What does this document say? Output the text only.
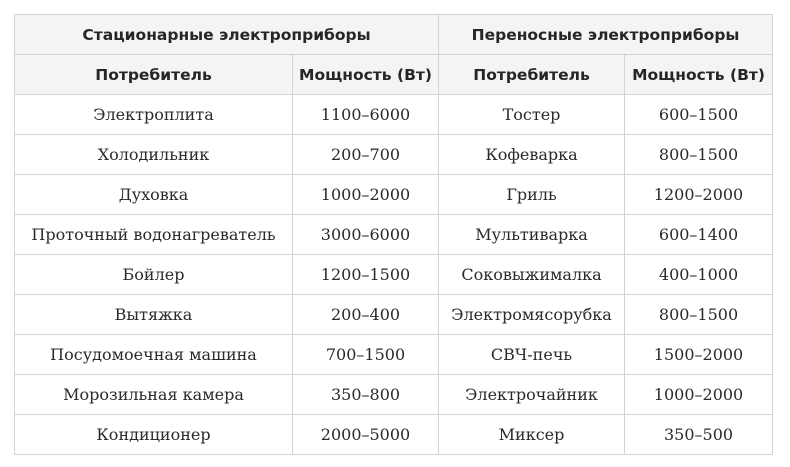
Стационарные электроприборы		Переносные электроприборы	
Потребитель	Мощность (Вт)	Потребитель	Мощность (Вт)
Электроплита	1100–6000	Тостер	600–1500
Холодильник	200–700	Кофеварка	800–1500
Духовка	1000–2000	Гриль	1200–2000
Проточный водонагреватель	3000–6000	Мультиварка	600–1400
Бойлер	1200–1500	Соковыжималка	400–1000
Вытяжка	200–400	Электромясорубка	800–1500
Посудомоечная машина	700–1500	СВЧ-печь	1500–2000
Морозильная камера	350–800	Электрочайник	1000–2000
Кондиционер	2000–5000	Миксер	350–500
